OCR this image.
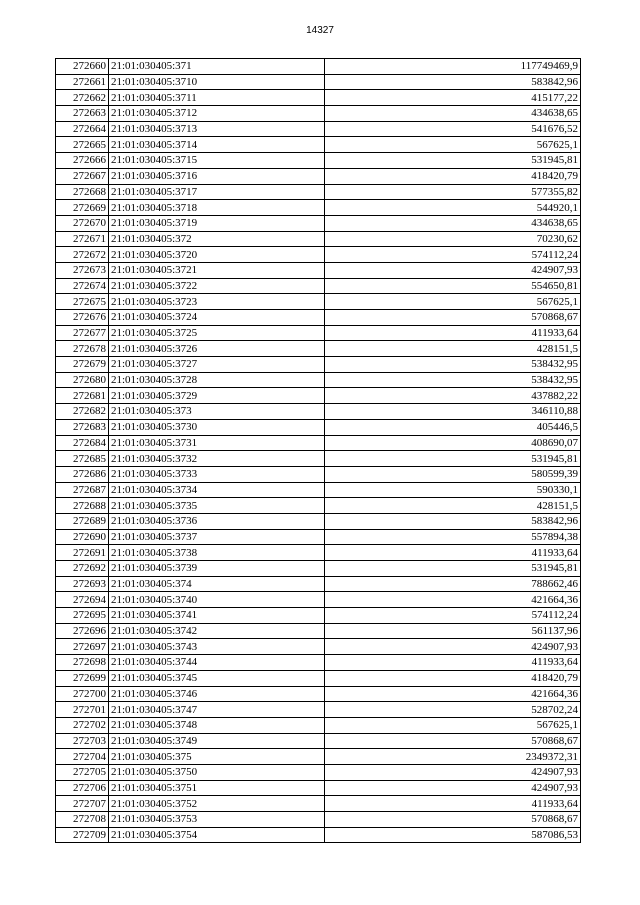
14327
272660	21:01:030405:371	117749469,9
272661	21:01:030405:3710	583842,96
272662	21:01:030405:3711	415177,22
272663	21:01:030405:3712	434638,65
272664	21:01:030405:3713	541676,52
272665	21:01:030405:3714	567625,1
272666	21:01:030405:3715	531945,81
272667	21:01:030405:3716	418420,79
272668	21:01:030405:3717	577355,82
272669	21:01:030405:3718	544920,1
272670	21:01:030405:3719	434638,65
272671	21:01:030405:372	70230,62
272672	21:01:030405:3720	574112,24
272673	21:01:030405:3721	424907,93
272674	21:01:030405:3722	554650,81
272675	21:01:030405:3723	567625,1
272676	21:01:030405:3724	570868,67
272677	21:01:030405:3725	411933,64
272678	21:01:030405:3726	428151,5
272679	21:01:030405:3727	538432,95
272680	21:01:030405:3728	538432,95
272681	21:01:030405:3729	437882,22
272682	21:01:030405:373	346110,88
272683	21:01:030405:3730	405446,5
272684	21:01:030405:3731	408690,07
272685	21:01:030405:3732	531945,81
272686	21:01:030405:3733	580599,39
272687	21:01:030405:3734	590330,1
272688	21:01:030405:3735	428151,5
272689	21:01:030405:3736	583842,96
272690	21:01:030405:3737	557894,38
272691	21:01:030405:3738	411933,64
272692	21:01:030405:3739	531945,81
272693	21:01:030405:374	788662,46
272694	21:01:030405:3740	421664,36
272695	21:01:030405:3741	574112,24
272696	21:01:030405:3742	561137,96
272697	21:01:030405:3743	424907,93
272698	21:01:030405:3744	411933,64
272699	21:01:030405:3745	418420,79
272700	21:01:030405:3746	421664,36
272701	21:01:030405:3747	528702,24
272702	21:01:030405:3748	567625,1
272703	21:01:030405:3749	570868,67
272704	21:01:030405:375	2349372,31
272705	21:01:030405:3750	424907,93
272706	21:01:030405:3751	424907,93
272707	21:01:030405:3752	411933,64
272708	21:01:030405:3753	570868,67
272709	21:01:030405:3754	587086,53
